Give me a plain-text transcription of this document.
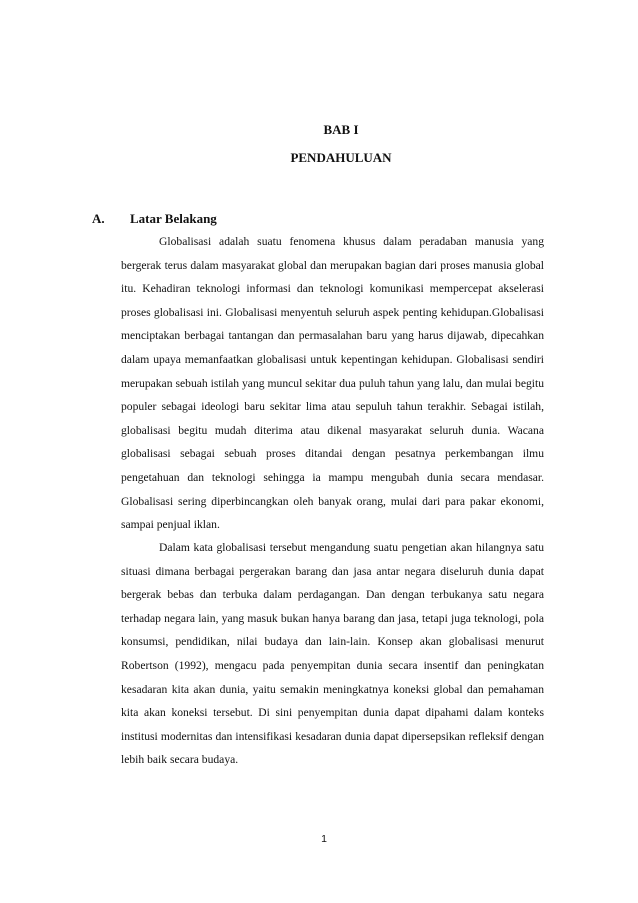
BAB I
PENDAHULUAN
A. Latar Belakang

Globalisasi adalah suatu fenomena khusus dalam peradaban manusia yang bergerak terus dalam masyarakat global dan merupakan bagian dari proses manusia global itu. Kehadiran teknologi informasi dan teknologi komunikasi mempercepat akselerasi proses globalisasi ini. Globalisasi menyentuh seluruh aspek penting kehidupan.Globalisasi menciptakan berbagai tantangan dan permasalahan baru yang harus dijawab, dipecahkan dalam upaya memanfaatkan globalisasi untuk kepentingan kehidupan. Globalisasi sendiri merupakan sebuah istilah yang muncul sekitar dua puluh tahun yang lalu, dan mulai begitu populer sebagai ideologi baru sekitar lima atau sepuluh tahun terakhir. Sebagai istilah, globalisasi begitu mudah diterima atau dikenal masyarakat seluruh dunia. Wacana globalisasi sebagai sebuah proses ditandai dengan pesatnya perkembangan ilmu pengetahuan dan teknologi sehingga ia mampu mengubah dunia secara mendasar. Globalisasi sering diperbincangkan oleh banyak orang, mulai dari para pakar ekonomi, sampai penjual iklan.

Dalam kata globalisasi tersebut mengandung suatu pengetian akan hilangnya satu situasi dimana berbagai pergerakan barang dan jasa antar negara diseluruh dunia dapat bergerak bebas dan terbuka dalam perdagangan. Dan dengan terbukanya satu negara terhadap negara lain, yang masuk bukan hanya barang dan jasa, tetapi juga teknologi, pola konsumsi, pendidikan, nilai budaya dan lain-lain. Konsep akan globalisasi menurut Robertson (1992), mengacu pada penyempitan dunia secara insentif dan peningkatan kesadaran kita akan dunia, yaitu semakin meningkatnya koneksi global dan pemahaman kita akan koneksi tersebut. Di sini penyempitan dunia dapat dipahami dalam konteks institusi modernitas dan intensifikasi kesadaran dunia dapat dipersepsikan refleksif dengan lebih baik secara budaya.

1
